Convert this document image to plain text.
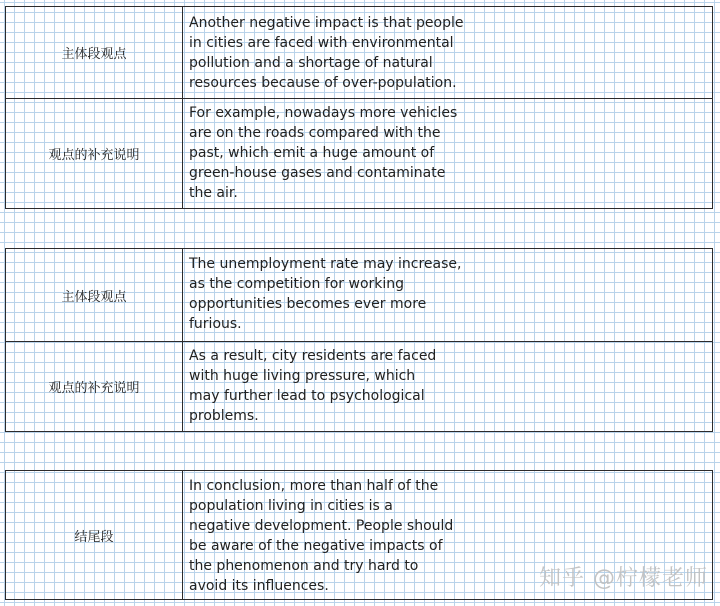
主体段观点
Another negative impact is that people
in cities are faced with environmental
pollution and a shortage of natural
resources because of over-population.
观点的补充说明
For example, nowadays more vehicles
are on the roads compared with the
past, which emit a huge amount of
green-house gases and contaminate
the air.
主体段观点
The unemployment rate may increase,
as the competition for working
opportunities becomes ever more
furious.
观点的补充说明
As a result, city residents are faced
with huge living pressure, which
may further lead to psychological
problems.
结尾段
In conclusion, more than half of the
population living in cities is a
negative development. People should
be aware of the negative impacts of
the phenomenon and try hard to
avoid its influences.	知乎 @柠檬老师
